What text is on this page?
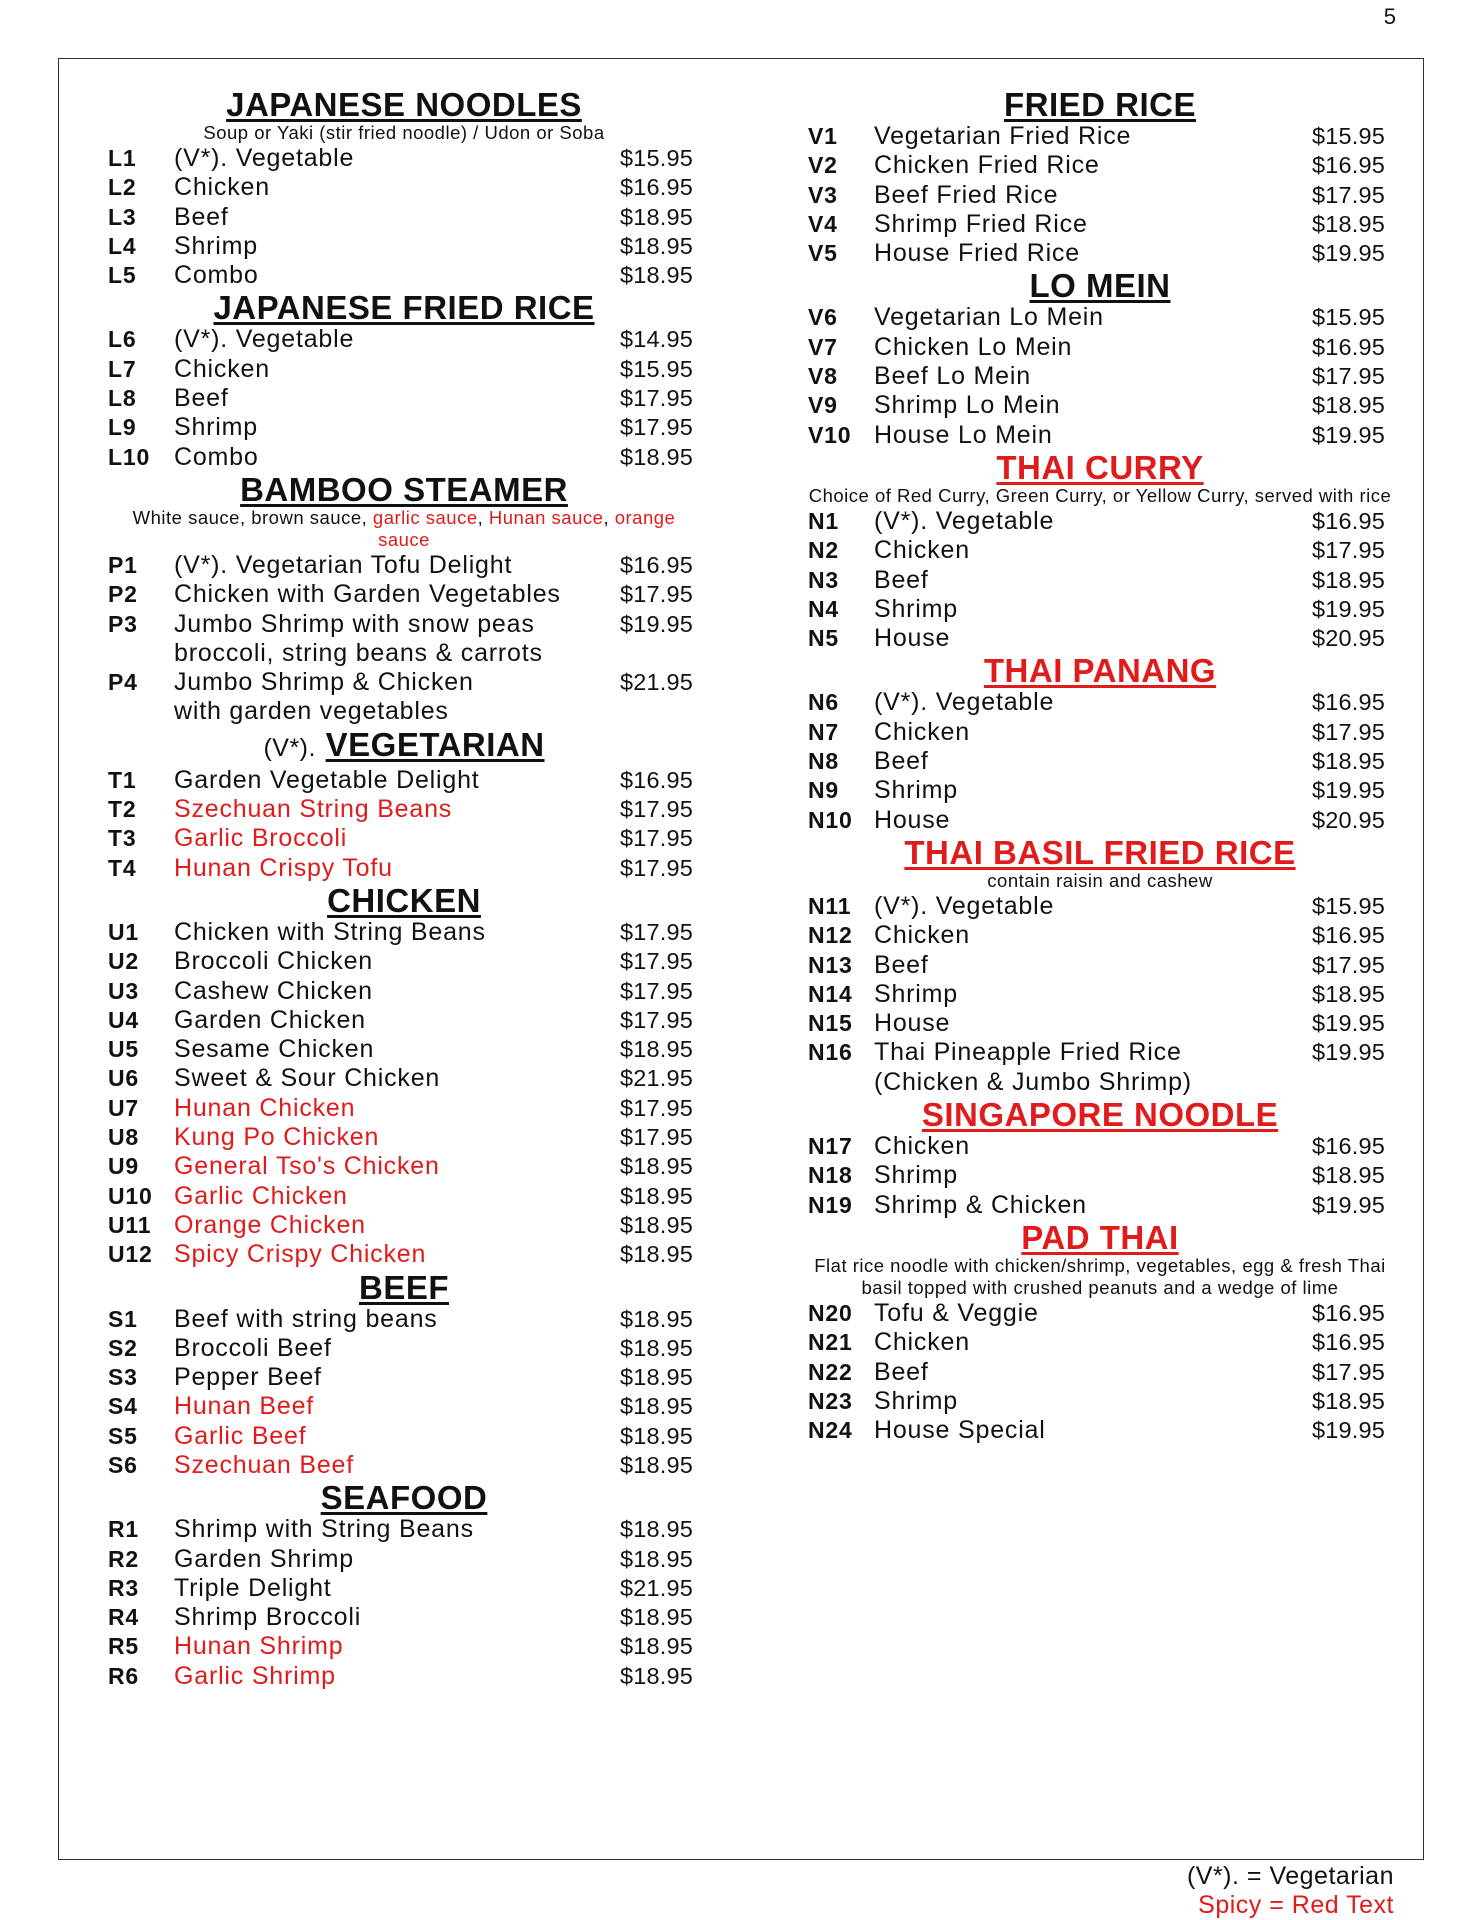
5
JAPANESE NOODLES
Soup or Yaki (stir fried noodle) / Udon or Soba
L1	(V*). Vegetable	$15.95
L2	Chicken	$16.95
L3	Beef	$18.95
L4	Shrimp	$18.95
L5	Combo	$18.95
JAPANESE FRIED RICE
L6	(V*). Vegetable	$14.95
L7	Chicken	$15.95
L8	Beef	$17.95
L9	Shrimp	$17.95
L10 Combo	$18.95
BAMBOO STEAMER
White sauce, brown sauce, garlic sauce, Hunan sauce, orange sauce
P1	(V*). Vegetarian Tofu Delight	$16.95
P2	Chicken with Garden Vegetables	$17.95
P3	Jumbo Shrimp with snow peas
broccoli, string beans & carrots
$19.95
P4	Jumbo Shrimp & Chicken
with garden vegetables
$21.95
(V*). VEGETARIAN
T1	Garden Vegetable Delight	$16.95
T2	Szechuan String Beans	$17.95
T3	Garlic Broccoli	$17.95
T4	Hunan Crispy Tofu	$17.95
CHICKEN
U1	Chicken with String Beans	$17.95
U2	Broccoli Chicken	$17.95
U3	Cashew Chicken	$17.95
U4	Garden Chicken	$17.95
U5	Sesame Chicken	$18.95
U6	Sweet & Sour Chicken	$21.95
U7	Hunan Chicken	$17.95
U8	Kung Po Chicken	$17.95
U9	General Tso's Chicken	$18.95
U10 Garlic Chicken	$18.95
U11 Orange Chicken	$18.95
U12 Spicy Crispy Chicken	$18.95
BEEF
S1	Beef with string beans	$18.95
S2	Broccoli Beef	$18.95
S3	Pepper Beef	$18.95
S4	Hunan Beef	$18.95
S5	Garlic Beef	$18.95
S6	Szechuan Beef	$18.95
SEAFOOD
R1	Shrimp with String Beans	$18.95
R2	Garden Shrimp	$18.95
R3	Triple Delight	$21.95
R4	Shrimp Broccoli	$18.95
R5	Hunan Shrimp	$18.95
R6	Garlic Shrimp	$18.95
FRIED RICE
V1	Vegetarian Fried Rice	$15.95
V2	Chicken Fried Rice	$16.95
V3	Beef Fried Rice	$17.95
V4	Shrimp Fried Rice	$18.95
V5	House Fried Rice	$19.95
LO MEIN
V6	Vegetarian Lo Mein	$15.95
V7	Chicken Lo Mein	$16.95
V8	Beef Lo Mein	$17.95
V9	Shrimp Lo Mein	$18.95
V10 House Lo Mein	$19.95
THAI CURRY
Choice of Red Curry, Green Curry, or Yellow Curry, served with rice
N1	(V*). Vegetable	$16.95
N2	Chicken	$17.95
N3	Beef	$18.95
N4	Shrimp	$19.95
N5	House	$20.95
THAI PANANG
N6	(V*). Vegetable	$16.95
N7	Chicken	$17.95
N8	Beef	$18.95
N9	Shrimp	$19.95
N10 House	$20.95
THAI BASIL FRIED RICE
contain raisin and cashew
N11 (V*). Vegetable	$15.95
N12 Chicken	$16.95
N13 Beef	$17.95
N14 Shrimp	$18.95
N15 House	$19.95
N16 Thai Pineapple Fried Rice
(Chicken & Jumbo Shrimp)
$19.95
SINGAPORE NOODLE
N17 Chicken	$16.95
N18 Shrimp	$18.95
N19 Shrimp & Chicken	$19.95
PAD THAI
Flat rice noodle with chicken/shrimp, vegetables, egg & fresh Thai basil topped with crushed peanuts and a wedge of lime
N20 Tofu & Veggie	$16.95
N21 Chicken	$16.95
N22 Beef	$17.95
N23 Shrimp	$18.95
N24 House Special	$19.95
(V*). = Vegetarian
Spicy = Red Text
